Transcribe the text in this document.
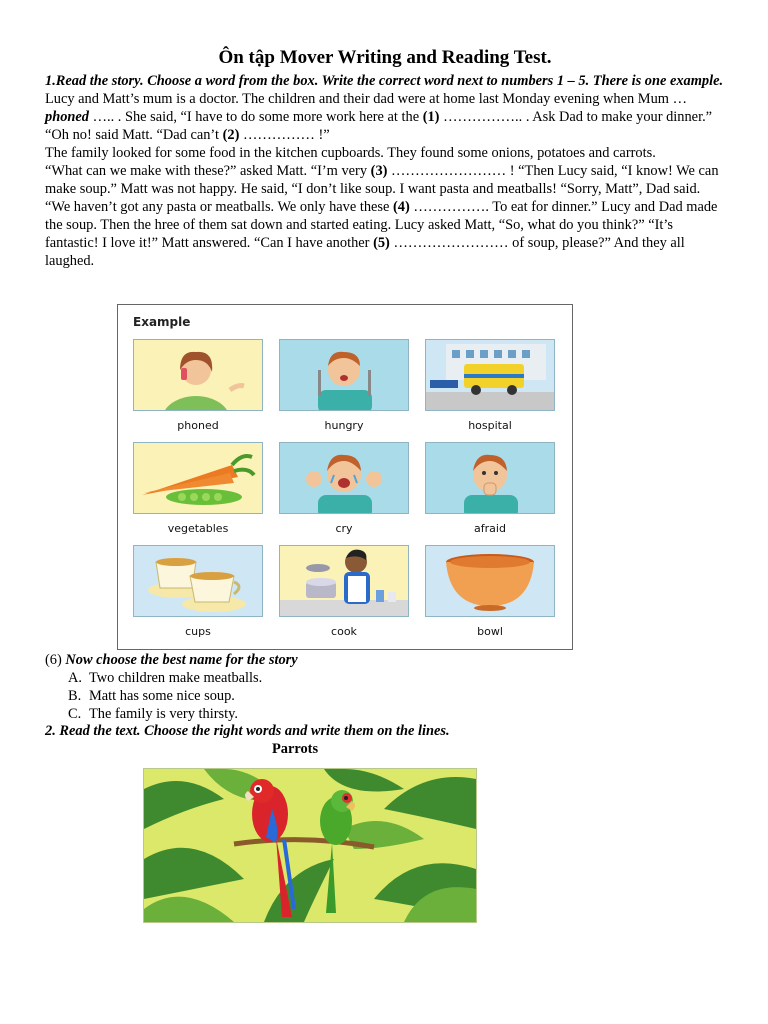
Ôn tập Mover Writing and Reading Test.

1.Read the story. Choose a word from the box. Write the correct word next to numbers 1 – 5. There is one example.

Lucy and Matt’s mum is a doctor. The children and their dad were at home last Monday evening when Mum … phoned ….. . She said, “I have to do some more work here at the (1) …………….. . Ask Dad to make your dinner.”

“Oh no! said Matt. “Dad can’t (2) …………… !”

The family looked for some food in the kitchen cupboards. They found some onions, potatoes and carrots.

“What can we make with these?” asked Matt. “I’m very (3) …………………… ! “Then Lucy said, “I know! We can make soup.” Matt was not happy. He said, “I don’t like soup. I want pasta and meatballs! “Sorry, Matt”, Dad said. “We haven’t got any pasta or meatballs. We only have these (4) ……………. To eat for dinner.” Lucy and Dad made the soup. Then the hree of them sat down and started eating. Lucy asked Matt, “So, what do you think?” “It’s fantastic! I love it!” Matt answered. “Can I have another (5) …………………… of soup, please?” And they all laughed.

Example
phoned	hungry	hospital
vegetables	cry	afraid
cups	cook	bowl

(6) Now choose the best name for the story

A. Two children make meatballs.
B. Matt has some nice soup.
C. The family is very thirsty.
2. Read the text. Choose the right words and write them on the lines.
Parrots
